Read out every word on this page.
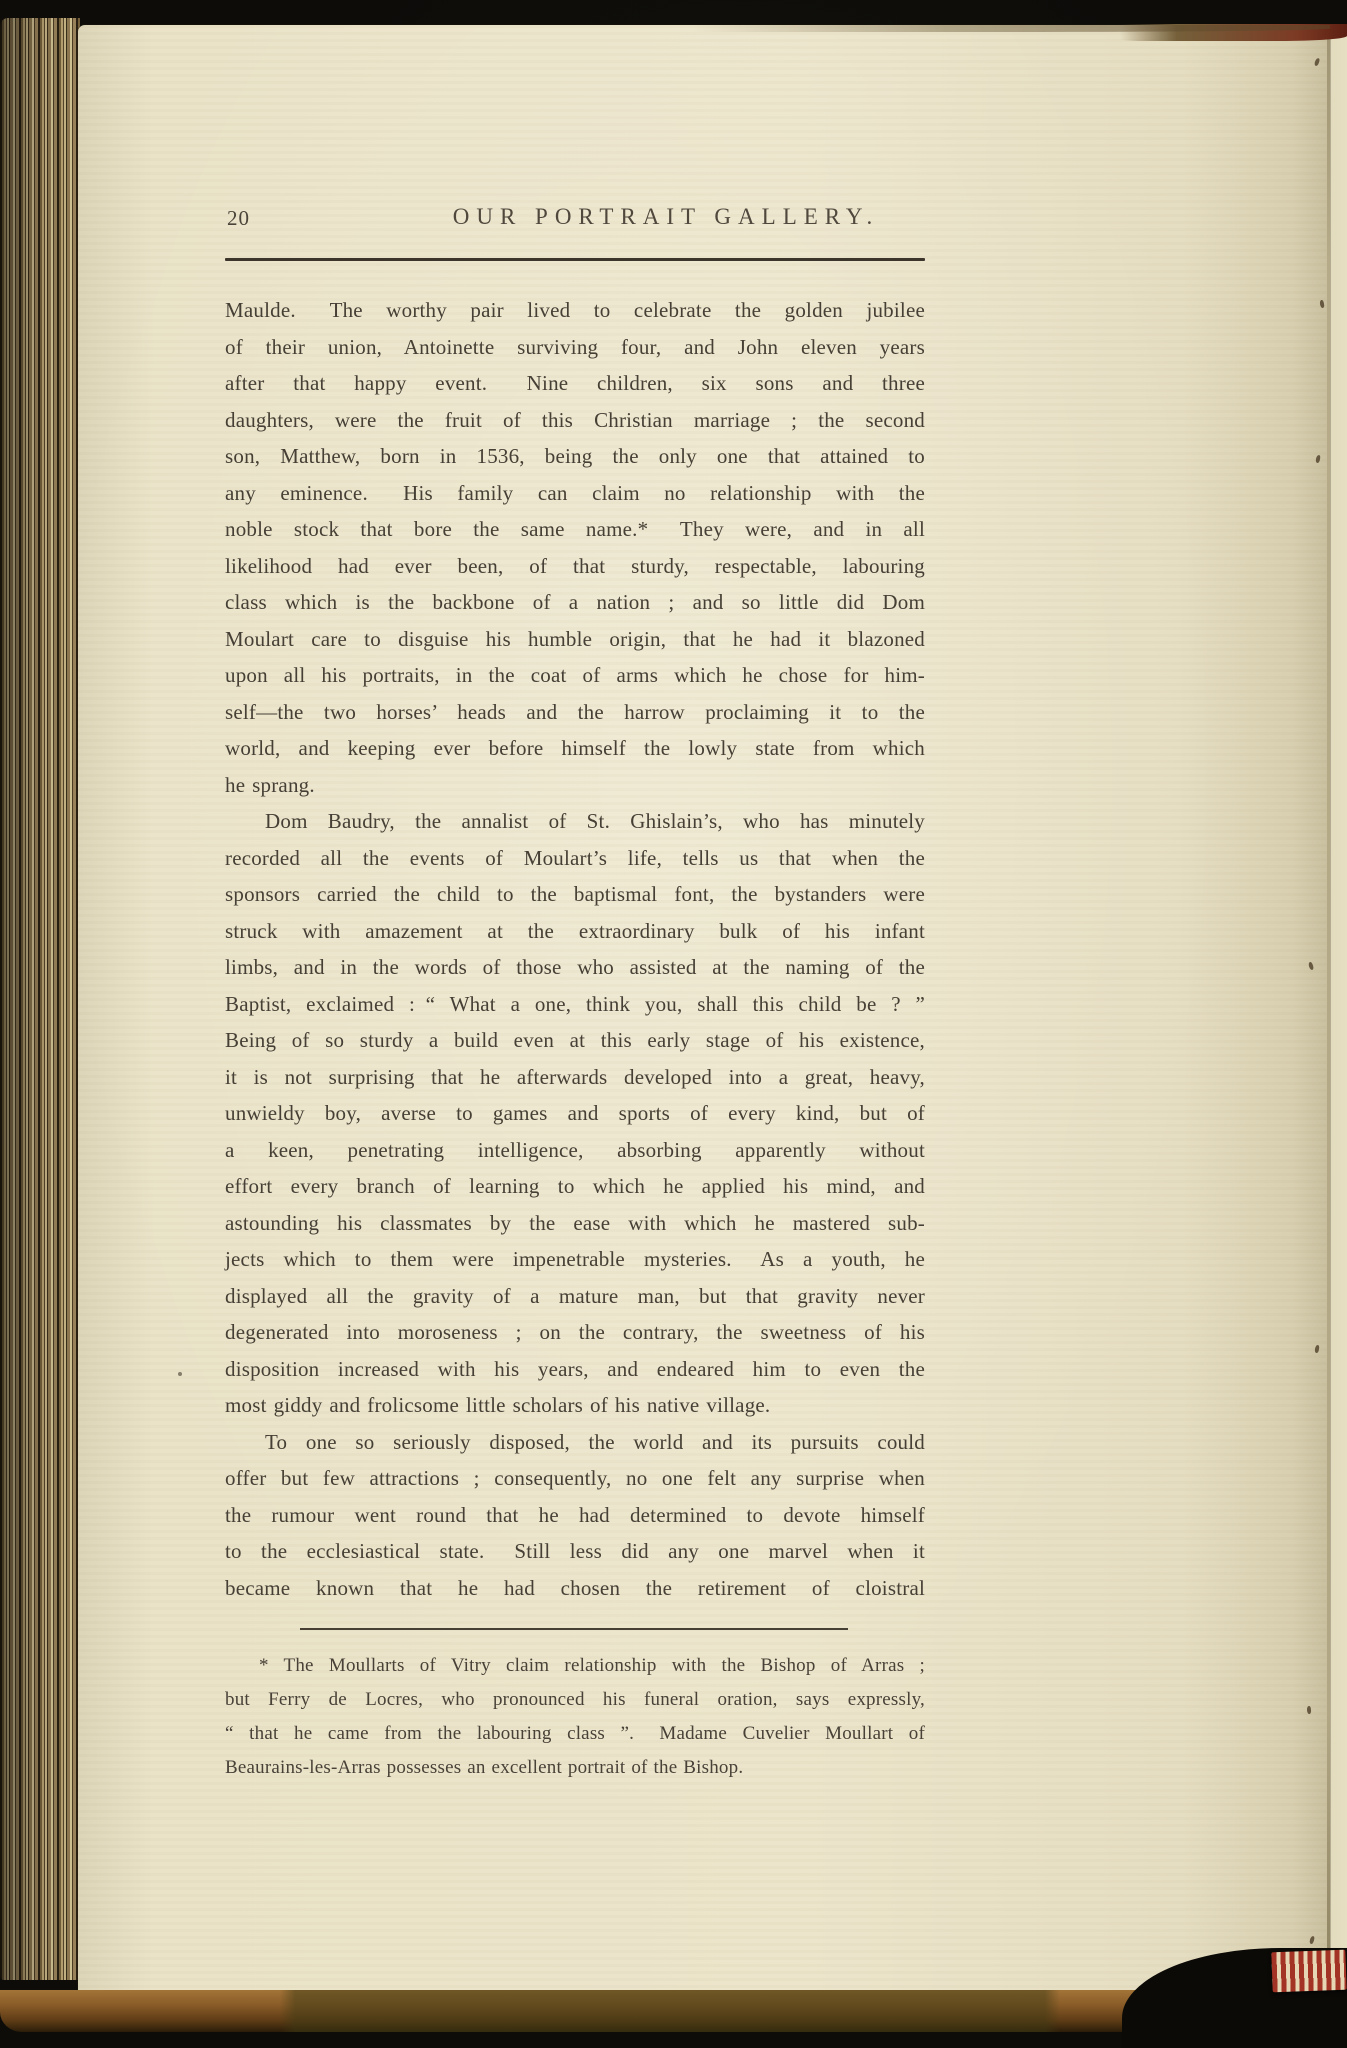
20	OUR PORTRAIT GALLERY.
Maulde.  The worthy pair lived to celebrate the golden jubilee
of their union, Antoinette surviving four, and John eleven years
after that happy event.  Nine children, six sons and three
daughters, were the fruit of this Christian marriage ; the second
son, Matthew, born in 1536, being the only one that attained to
any eminence.  His family can claim no relationship with the
noble stock that bore the same name.*  They were, and in all
likelihood had ever been, of that sturdy, respectable, labouring
class which is the backbone of a nation ; and so little did Dom
Moulart care to disguise his humble origin, that he had it blazoned
upon all his portraits, in the coat of arms which he chose for him-
self—the two horses’ heads and the harrow proclaiming it to the
world, and keeping ever before himself the lowly state from which
he sprang.
Dom Baudry, the annalist of St. Ghislain’s, who has minutely
recorded all the events of Moulart’s life, tells us that when the
sponsors carried the child to the baptismal font, the bystanders were
struck with amazement at the extraordinary bulk of his infant
limbs, and in the words of those who assisted at the naming of the
Baptist, exclaimed : “ What a one, think you, shall this child be ? ”
Being of so sturdy a build even at this early stage of his existence,
it is not surprising that he afterwards developed into a great, heavy,
unwieldy boy, averse to games and sports of every kind, but of
a keen, penetrating intelligence, absorbing apparently without
effort every branch of learning to which he applied his mind, and
astounding his classmates by the ease with which he mastered sub-
jects which to them were impenetrable mysteries.  As a youth, he
displayed all the gravity of a mature man, but that gravity never
degenerated into moroseness ; on the contrary, the sweetness of his
disposition increased with his years, and endeared him to even the
most giddy and frolicsome little scholars of his native village.
To one so seriously disposed, the world and its pursuits could
offer but few attractions ; consequently, no one felt any surprise when
the rumour went round that he had determined to devote himself
to the ecclesiastical state.  Still less did any one marvel when it
became known that he had chosen the retirement of cloistral
* The Moullarts of Vitry claim relationship with the Bishop of Arras ;
but Ferry de Locres, who pronounced his funeral oration, says expressly,
“ that he came from the labouring class ”.  Madame Cuvelier Moullart of
Beaurains-les-Arras possesses an excellent portrait of the Bishop.
